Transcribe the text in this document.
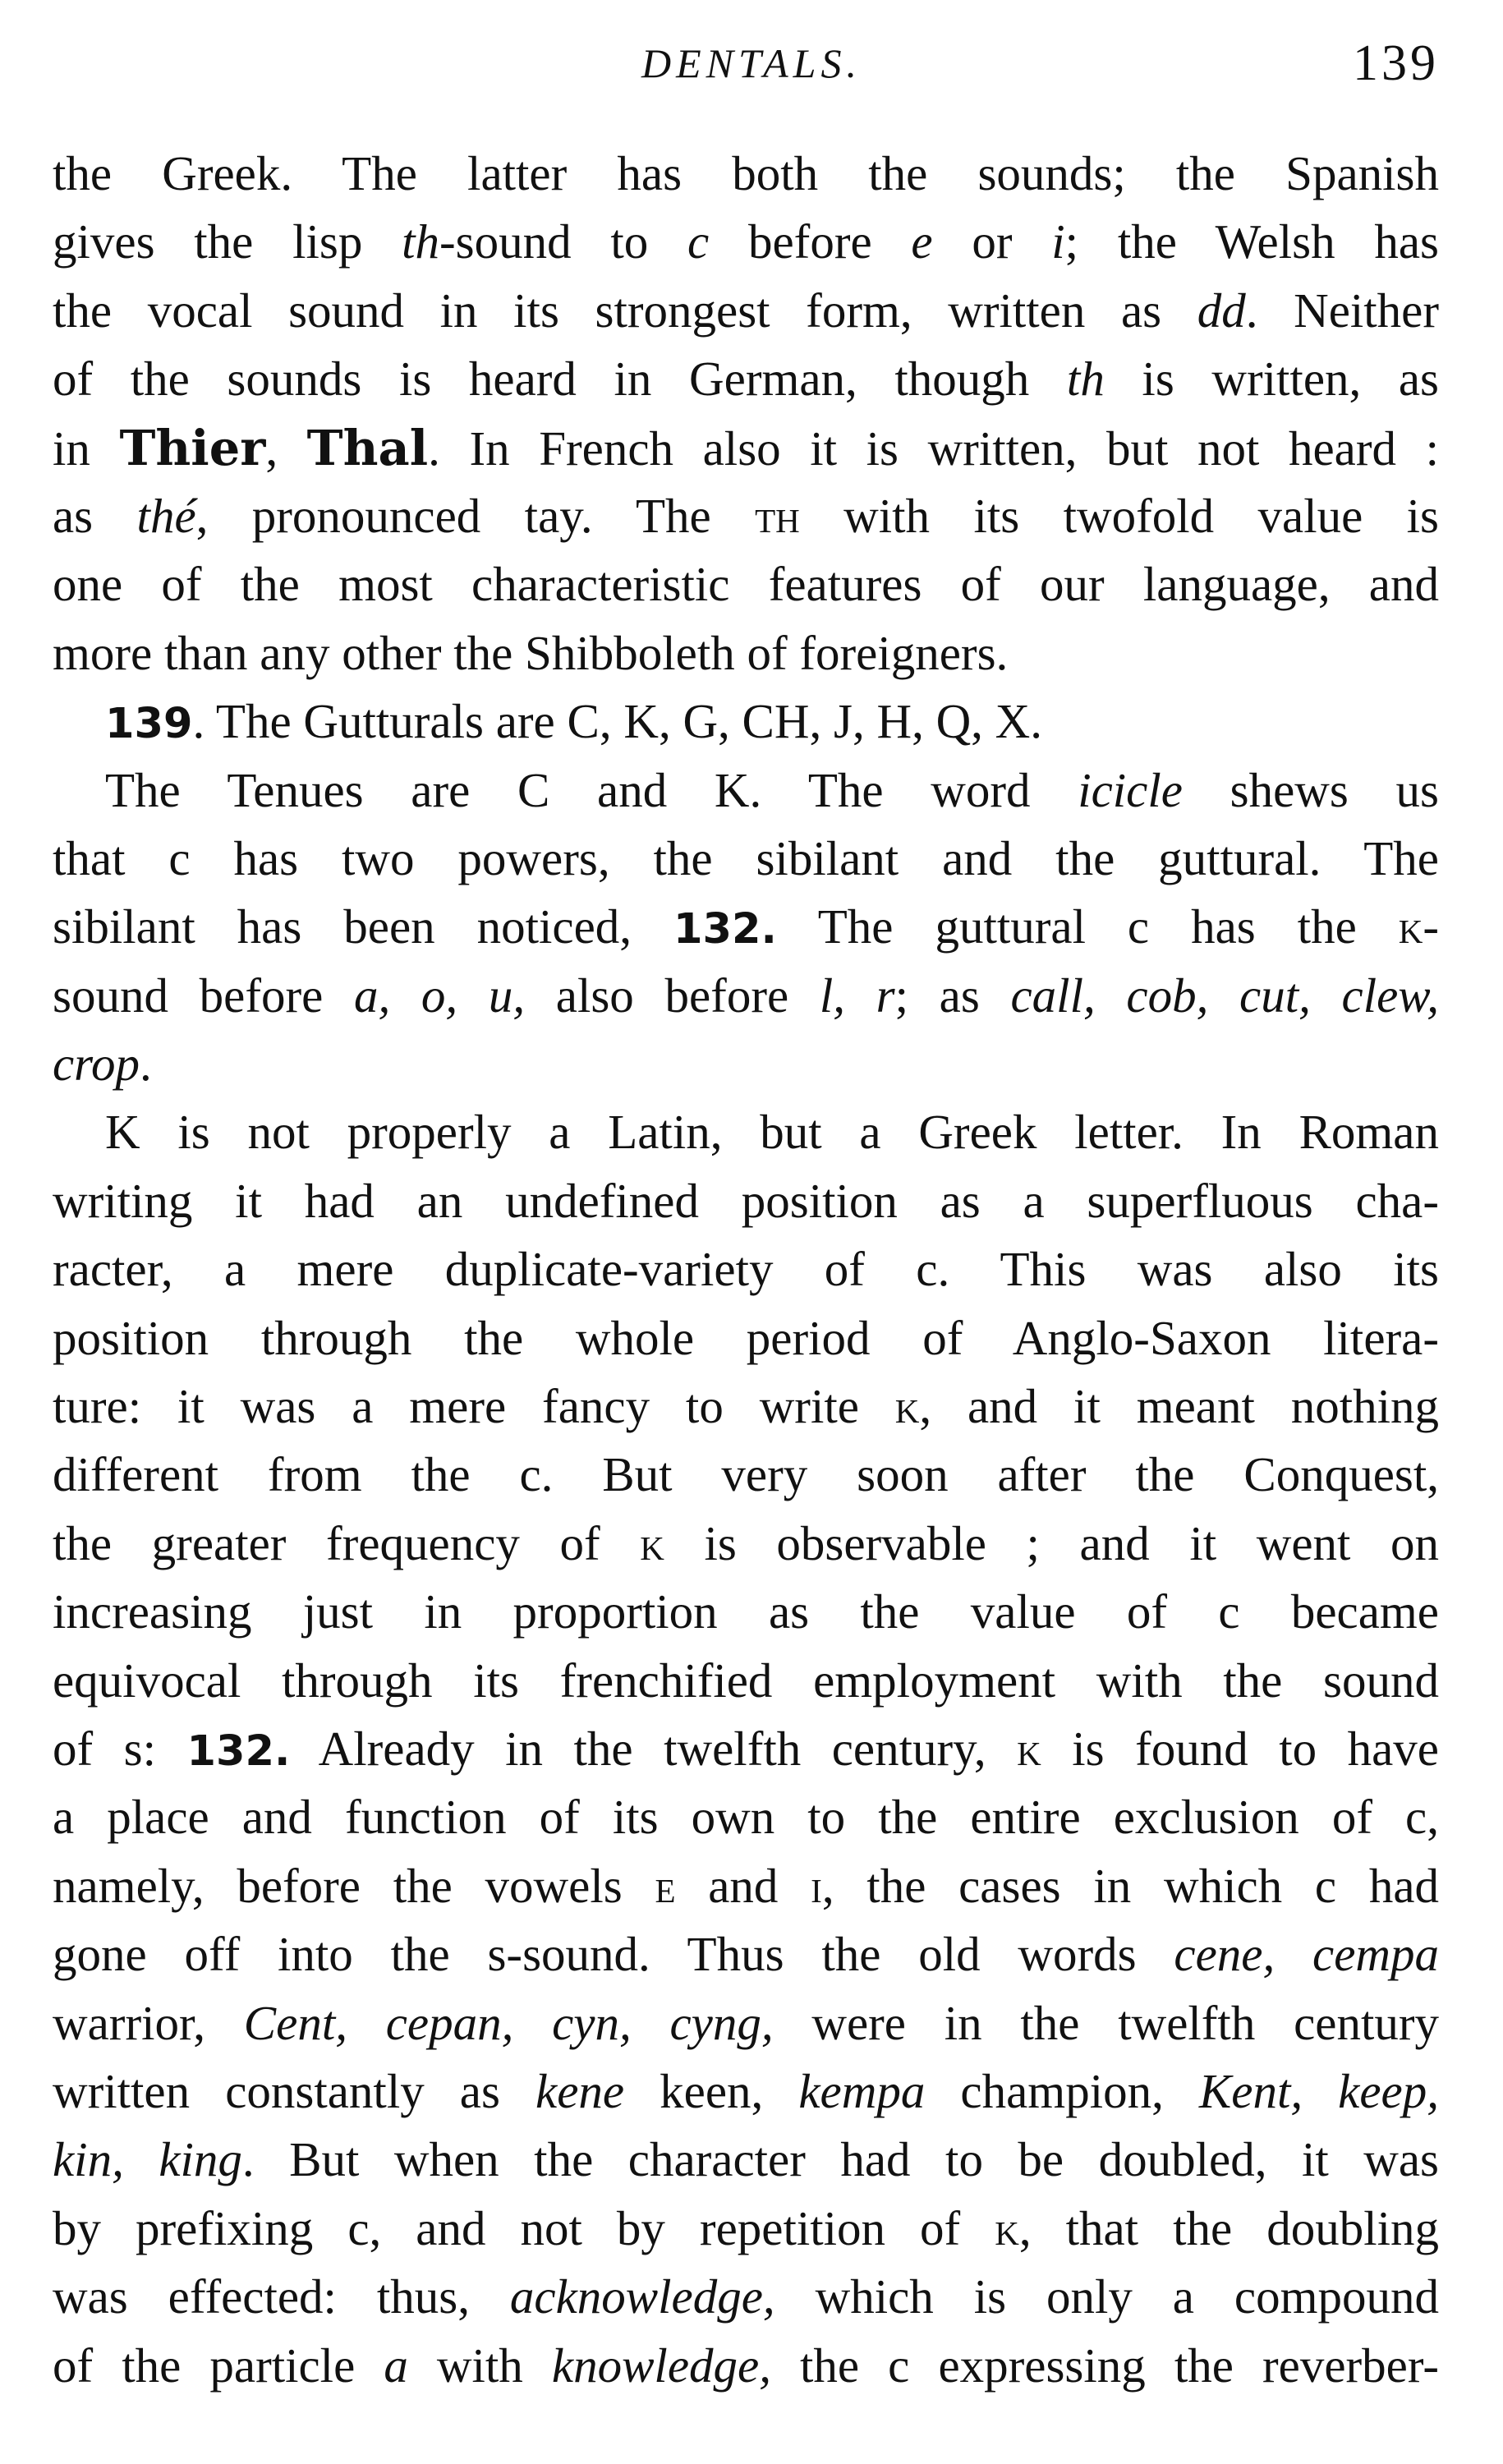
DENTALS.	139
the Greek. The latter has both the sounds; the Spanish
gives the lisp th-sound to c before e or i; the Welsh has
the vocal sound in its strongest form, written as dd. Neither
of the sounds is heard in German, though th is written, as
in Thier, Thal. In French also it is written, but not heard :
as thé, pronounced tay. The th with its twofold value is
one of the most characteristic features of our language, and
more than any other the Shibboleth of foreigners.
139. The Gutturals are C, K, G, CH, J, H, Q, X.
The Tenues are C and K. The word icicle shews us
that c has two powers, the sibilant and the guttural. The
sibilant has been noticed, 132. The guttural c has the k-
sound before a, o, u, also before l, r; as call, cob, cut, clew,
crop.
K is not properly a Latin, but a Greek letter. In Roman
writing it had an undefined position as a superfluous cha-
racter, a mere duplicate-variety of c. This was also its
position through the whole period of Anglo-Saxon litera-
ture: it was a mere fancy to write k, and it meant nothing
different from the c. But very soon after the Conquest,
the greater frequency of k is observable ; and it went on
increasing just in proportion as the value of c became
equivocal through its frenchified employment with the sound
of s: 132. Already in the twelfth century, k is found to have
a place and function of its own to the entire exclusion of c,
namely, before the vowels e and i, the cases in which c had
gone off into the s-sound. Thus the old words cene, cempa
warrior, Cent, cepan, cyn, cyng, were in the twelfth century
written constantly as kene keen, kempa champion, Kent, keep,
kin, king. But when the character had to be doubled, it was
by prefixing c, and not by repetition of k, that the doubling
was effected: thus, acknowledge, which is only a compound
of the particle a with knowledge, the c expressing the reverber-
